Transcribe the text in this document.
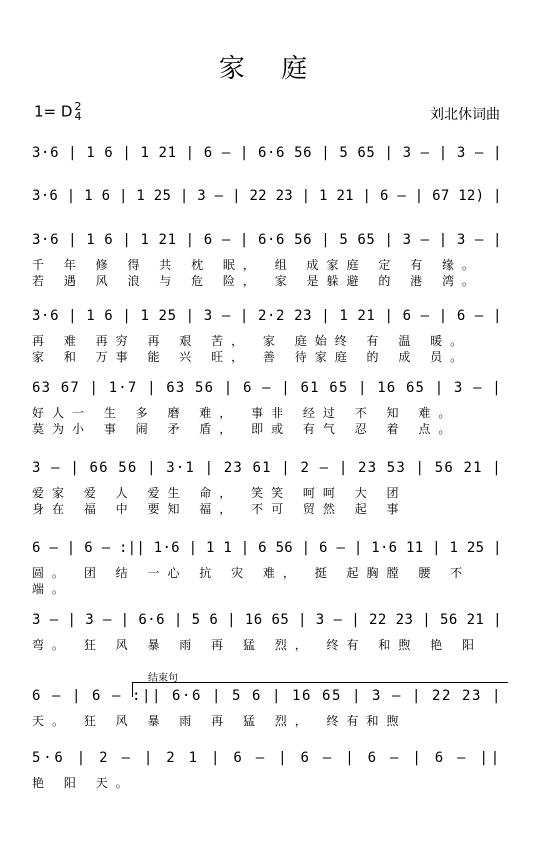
家 庭
1= D 2
4	刘北休词曲
3·6 | 1 6 | 1 21 | 6 – | 6·6 56 | 5 65 | 3 – | 3 – |
3·6 | 1 6 | 1 25 | 3 – | 22 23 | 1 21 | 6 – | 67 12) |
3·6 | 1 6 | 1 21 | 6 – | 6·6 56 | 5 65 | 3 – | 3 – |
千 年 修 得 共 枕 眠， 组 成家庭 定 有 缘。
若 遇 风 浪 与 危 险， 家 是躲避 的 港 湾。
3·6 | 1 6 | 1 25 | 3 – | 2·2 23 | 1 21 | 6 – | 6 – |
再 难 再穷 再 艰 苦， 家 庭始终 有 温 暖。
家 和 万事 能 兴 旺， 善 待家庭 的 成 员。
63 67 | 1·7 | 63 56 | 6 – | 61 65 | 16 65 | 3 – |
好人一 生 多 磨 难， 事非 经过 不 知 难。
莫为小 事 闹 矛 盾， 即或 有气 忍 着 点。
3 – | 66 56 | 3·1 | 23 61 | 2 – | 23 53 | 56 21 |
爱家 爱 人 爱生 命， 笑笑 呵呵 大 团
身在 福 中 要知 福， 不可 贸然 起 事
6 – | 6 – :|| 1·6 | 1 1 | 6 56 | 6 – | 1·6 11 | 1 25 |
圆。 团 结 一心 抗 灾 难， 挺 起胸膛 腰 不
端。
3 – | 3 – | 6·6 | 5 6 | 16 65 | 3 – | 22 23 | 56 21 |
弯。 狂 风 暴 雨 再 猛 烈， 终有 和煦 艳 阳
6 – | 6 – :|| 6·6 | 5 6 | 16 65 | 3 – | 22 23 |
天。 狂 风 暴 雨 再 猛 烈， 终有和煦
5·6 | 2 – | 2 1 | 6 – | 6 – | 6 – | 6 – ||
艳 阳 天。
结束句
